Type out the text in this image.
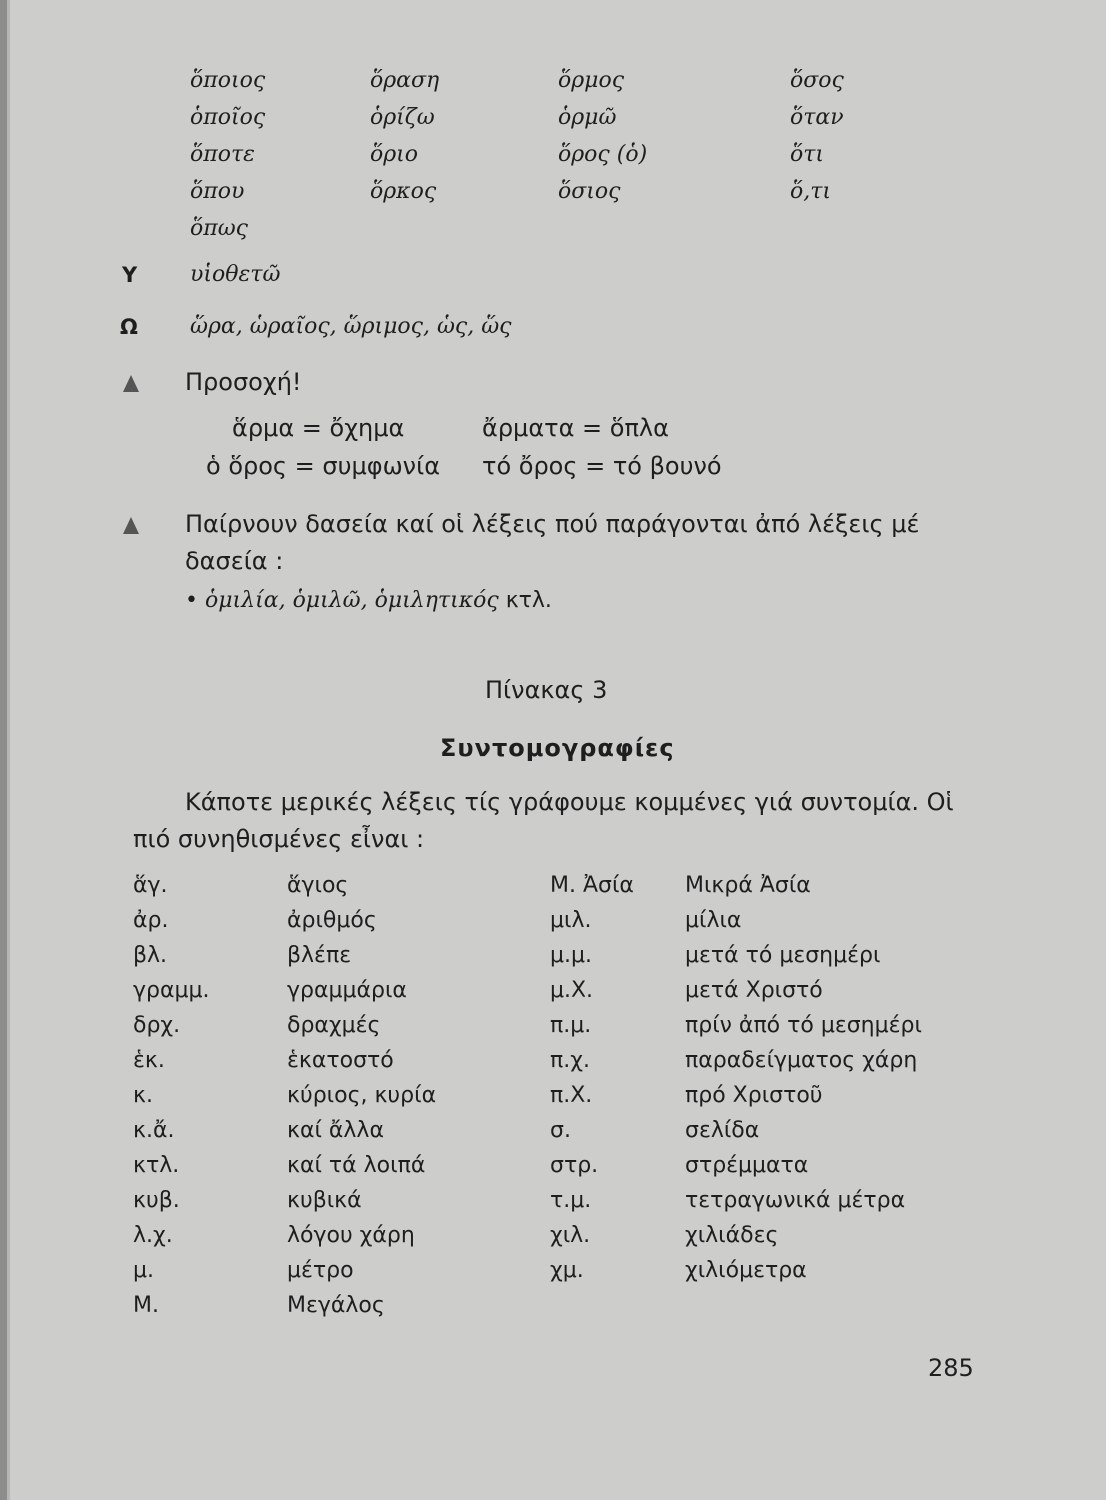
ὅποιος
ὁποῖος
ὅποτε
ὅπου
ὅπως
ὅραση
ὁρίζω
ὅριο
ὅρκος
ὅρμος
ὁρμῶ
ὅρος (ὁ)
ὅσιος
ὅσος
ὅταν
ὅτι
ὅ,τι
Υ υἱοθετῶ
Ω ὥρα, ὡραῖος, ὥριμος, ὡς, ὥς
Προσοχή!
ἅρμα = ὄχημα	ἄρματα = ὅπλα
ὁ ὅρος = συμφωνία τό ὄρος = τό βουνό
Παίρνουν δασεία καί οἱ λέξεις πού παράγονται ἀπό λέξεις μέ
δασεία :
• ὁμιλία, ὁμιλῶ, ὁμιλητικός κτλ.
Πίνακας 3
Συντομογραφίες
Κάποτε μερικές λέξεις τίς γράφουμε κομμένες γιά συντομία. Οἱ
πιό συνηθισμένες εἶναι :
ἅγ.
ἀρ.
βλ.
γραμμ.
δρχ.
ἑκ.
κ.
κ.ἄ.
κτλ.
κυβ.
λ.χ.
μ.
Μ.
ἅγιος
ἀριθμός
βλέπε
γραμμάρια
δραχμές
ἑκατοστό
κύριος, κυρία
καί ἄλλα
καί τά λοιπά
κυβικά
λόγου χάρη
μέτρο
Μεγάλος
Μ. Ἀσία
μιλ.
μ.μ.
μ.Χ.
π.μ.
π.χ.
π.Χ.
σ.
στρ.
τ.μ.
χιλ.
χμ.
Μικρά Ἀσία
μίλια
μετά τό μεσημέρι
μετά Χριστό
πρίν ἀπό τό μεσημέρι
παραδείγματος χάρη
πρό Χριστοῦ
σελίδα
στρέμματα
τετραγωνικά μέτρα
χιλιάδες
χιλιόμετρα
285
